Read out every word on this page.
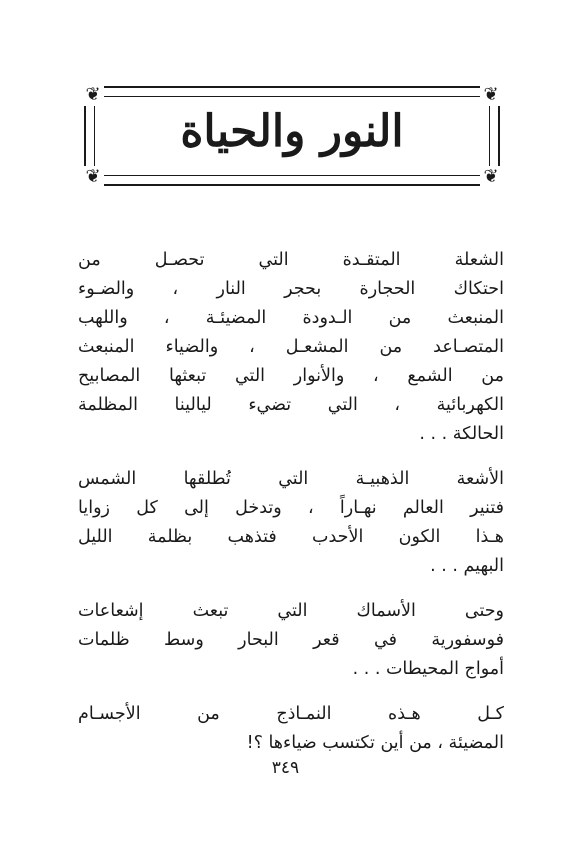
❦	❦
❦	❦
النور والحياة

الشعلة المتقـدة التي تحصـل من
احتكاك الحجارة بحجر النار ، والضـوء
المنبعث من الـدودة المضيئـة ، واللهب
المتصـاعد من المشعـل ، والضياء المنبعث
من الشمع ، والأنوار التي تبعثها المصابيح
الكهربائية ، التي تضيء ليالينا المظلمة
الحالكة . . .

الأشعة الذهبيـة التي تُطلقها الشمس
فتنير العالم نهـاراً ، وتدخل إلى كل زوايا
هـذا الكون الأحدب فتذهب بظلمة الليل
البهيم . . .

وحتى الأسماك التي تبعث إشعاعات
فوسفورية في قعر البحار وسط ظلمات
أمواج المحيطات . . .

كـل هـذه النمـاذج من الأجسـام
المضيئة ، من أين تكتسب ضياءها ؟!

٣٤٩
